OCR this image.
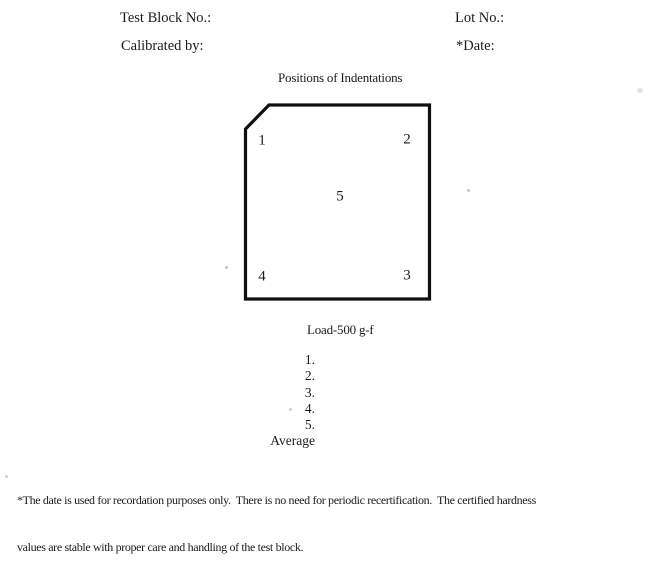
Test Block No.:	Lot No.:
Calibrated by:	*Date:
Positions of Indentations
1	2
3
4
5
Load-500 g-f
1.
2.
3.
4.
5.
Average

*The date is used for recordation purposes only.  There is no need for periodic recertification.  The certified hardness

values are stable with proper care and handling of the test block.
